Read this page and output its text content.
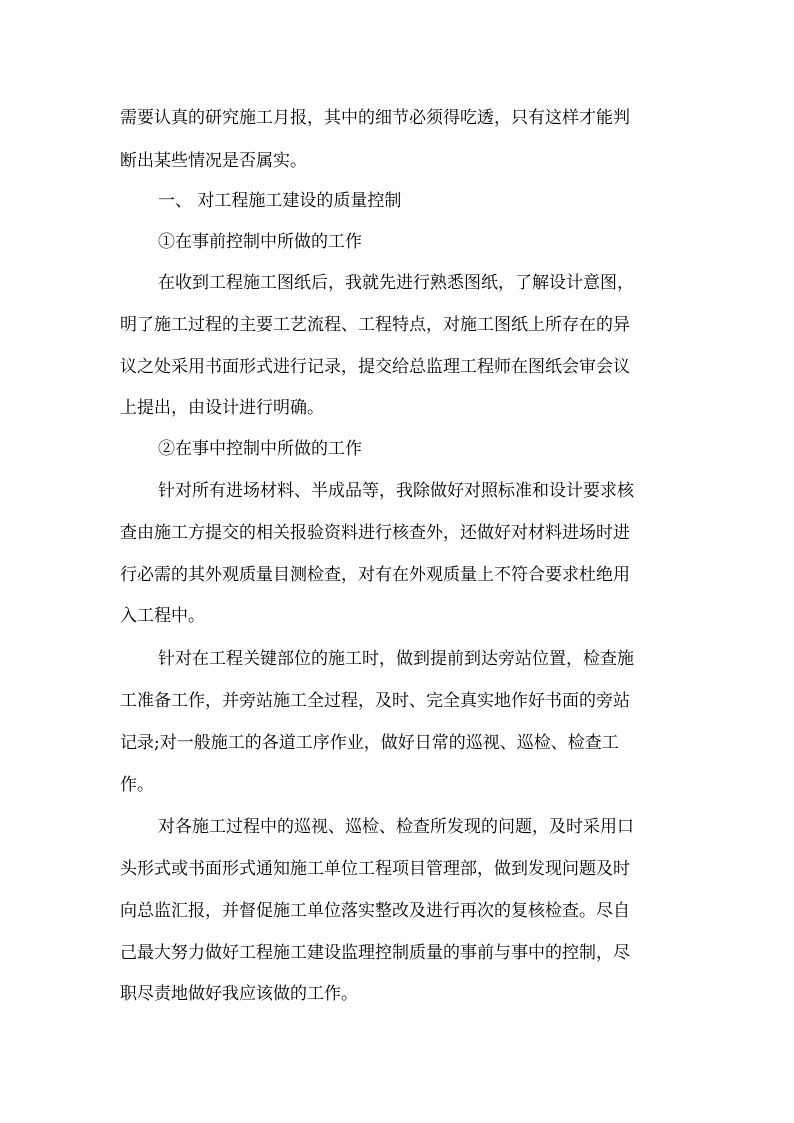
需要认真的研究施工月报，其中的细节必须得吃透，只有这样才能判
断出某些情况是否属实。
一、 对工程施工建设的质量控制
①在事前控制中所做的工作
在收到工程施工图纸后，我就先进行熟悉图纸，了解设计意图，
明了施工过程的主要工艺流程、工程特点，对施工图纸上所存在的异
议之处采用书面形式进行记录，提交给总监理工程师在图纸会审会议
上提出，由设计进行明确。
②在事中控制中所做的工作
针对所有进场材料、半成品等，我除做好对照标准和设计要求核
查由施工方提交的相关报验资料进行核查外，还做好对材料进场时进
行必需的其外观质量目测检查，对有在外观质量上不符合要求杜绝用
入工程中。
针对在工程关键部位的施工时，做到提前到达旁站位置，检查施
工准备工作，并旁站施工全过程，及时、完全真实地作好书面的旁站
记录;对一般施工的各道工序作业，做好日常的巡视、巡检、检查工
作。
对各施工过程中的巡视、巡检、检查所发现的问题，及时采用口
头形式或书面形式通知施工单位工程项目管理部，做到发现问题及时
向总监汇报，并督促施工单位落实整改及进行再次的复核检查。尽自
己最大努力做好工程施工建设监理控制质量的事前与事中的控制，尽
职尽责地做好我应该做的工作。
